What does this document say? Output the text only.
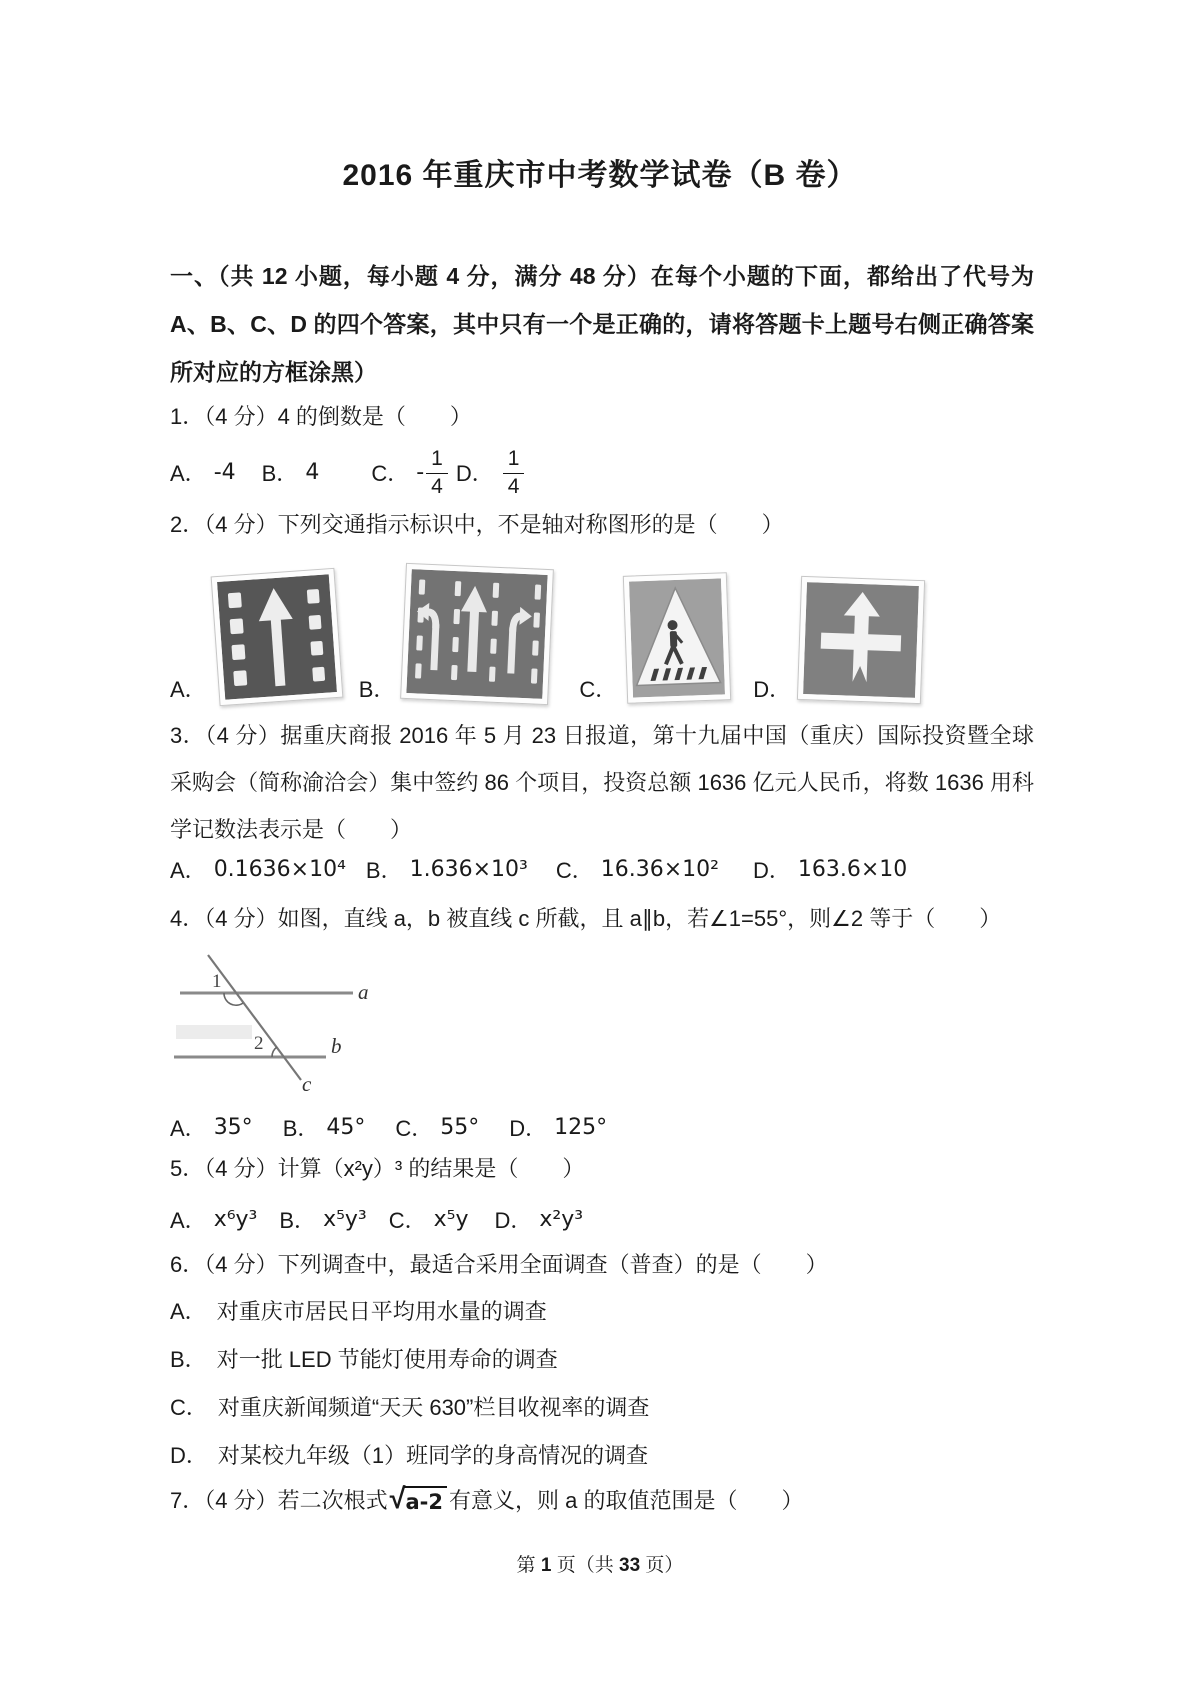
2016 年重庆市中考数学试卷（B 卷）
一、（共 12 小题，每小题 4 分，满分 48 分）在每个小题的下面，都给出了代号为 A、B、C、D 的四个答案，其中只有一个是正确的，请将答题卡上题号右侧正确答案所对应的方框涂黑）
1．（4 分）4 的倒数是（　　）
A． -4 B． 4 C． - $\frac{1}{4}$ D． $\frac{1}{4}$
2．（4 分）下列交通指示标识中，不是轴对称图形的是（　　）
A．	B．	C．	D．
3．（4 分）据重庆商报 2016 年 5 月 23 日报道，第十九届中国（重庆）国际投资暨全球采购会（简称渝洽会）集中签约 86 个项目，投资总额 1636 亿元人民币，将数 1636 用科学记数法表示是（　　）
A． 0.1636×10⁴ B． 1.636×10³ C． 16.36×10² D． 163.6×10
4．（4 分）如图，直线 a，b 被直线 c 所截，且 a∥b，若∠1=55°，则∠2 等于（　　）
1
2
a
b
c
A． 35° B． 45° C． 55° D． 125°
5．（4 分）计算（x²y）³ 的结果是（　　）
A． x⁶y³ B． x⁵y³ C． x⁵y D． x²y³
6．（4 分）下列调查中，最适合采用全面调查（普查）的是（　　）
A． 对重庆市居民日平均用水量的调查
B． 对一批 LED 节能灯使用寿命的调查
C． 对重庆新闻频道“天天 630”栏目收视率的调查
D． 对某校九年级（1）班同学的身高情况的调查
7．（4 分）若二次根式 √ a-2 有意义，则 a 的取值范围是（　　）
第 1 页（共 33 页）
